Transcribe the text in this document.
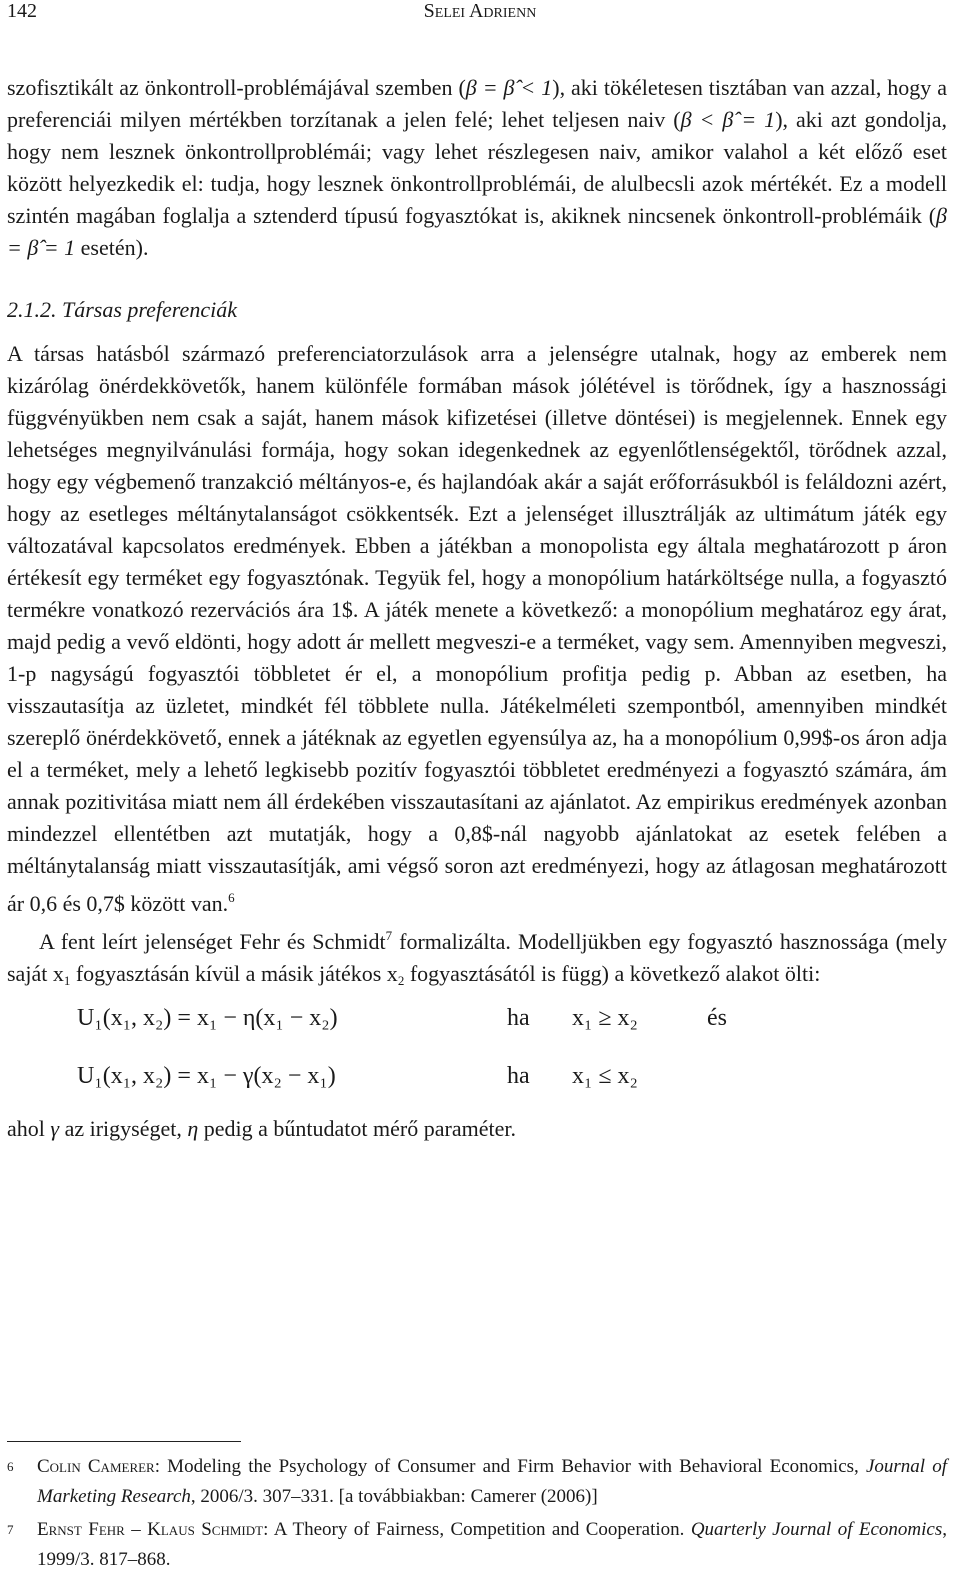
142	Selei Adrienn

szofisztikált az önkontroll-problémájával szemben (β = β̂ < 1), aki tökéletesen tisztában van azzal, hogy a preferenciái milyen mértékben torzítanak a jelen felé; lehet teljesen naiv (β < β̂ = 1), aki azt gondolja, hogy nem lesznek önkontrollproblémái; vagy lehet részlegesen naiv, amikor valahol a két előző eset között helyezkedik el: tudja, hogy lesznek önkontrollproblémái, de alulbecsli azok mértékét. Ez a modell szintén magában foglalja a sztenderd típusú fogyasztókat is, akiknek nincsenek önkontroll-problémáik (β = β̂ = 1 esetén).

2.1.2. Társas preferenciák

A társas hatásból származó preferenciatorzulások arra a jelenségre utalnak, hogy az emberek nem kizárólag önérdekkövetők, hanem különféle formában mások jólétével is törődnek, így a hasznossági függvényükben nem csak a saját, hanem mások kifizetései (illetve döntései) is megjelennek. Ennek egy lehetséges megnyilvánulási formája, hogy sokan idegenkednek az egyenlőtlenségektől, törődnek azzal, hogy egy végbemenő tranzakció méltányos-e, és hajlandóak akár a saját erőforrásukból is feláldozni azért, hogy az esetleges méltánytalanságot csökkentsék. Ezt a jelenséget illusztrálják az ultimátum játék egy változatával kapcsolatos eredmények. Ebben a játékban a monopolista egy általa meghatározott p áron értékesít egy terméket egy fogyasztónak. Tegyük fel, hogy a monopólium határköltsége nulla, a fogyasztó termékre vonatkozó rezervációs ára 1$. A játék menete a következő: a monopólium meghatároz egy árat, majd pedig a vevő eldönti, hogy adott ár mellett megveszi-e a terméket, vagy sem. Amennyiben megveszi, 1-p nagyságú fogyasztói többletet ér el, a monopólium profitja pedig p. Abban az esetben, ha visszautasítja az üzletet, mindkét fél többlete nulla. Játékelméleti szempontból, amennyiben mindkét szereplő önérdekkövető, ennek a játéknak az egyetlen egyensúlya az, ha a monopólium 0,99$-os áron adja el a terméket, mely a lehető legkisebb pozitív fogyasztói többletet eredményezi a fogyasztó számára, ám annak pozitivitása miatt nem áll érdekében visszautasítani az ajánlatot. Az empirikus eredmények azonban mindezzel ellentétben azt mutatják, hogy a 0,8$-nál nagyobb ajánlatokat az esetek felében a méltánytalanság miatt visszautasítják, ami végső soron azt eredményezi, hogy az átlagosan meghatározott ár 0,6 és 0,7$ között van.$^6$

A fent leírt jelenséget Fehr és Schmidt$^7$ formalizálta. Modelljükben egy fogyasztó hasznossága (mely saját $x_1$ fogyasztásán kívül a másik játékos $x_2$ fogyasztásától is függ) a következő alakot ölti:

U₁(x₁, x₂) = x₁ − η(x₁ − x₂)	ha x₁ ≥ x₂	és
U₁(x₁, x₂) = x₁ − γ(x₂ − x₁)	ha x₁ ≤ x₂

ahol γ az irigységet, η pedig a bűntudatot mérő paraméter.

6 Colin Camerer: Modeling the Psychology of Consumer and Firm Behavior with Behavioral Economics, Journal of Marketing Research, 2006/3. 307–331. [a továbbiakban: Camerer (2006)]
7 Ernst Fehr – Klaus Schmidt: A Theory of Fairness, Competition and Cooperation. Quarterly Journal of Economics, 1999/3. 817–868.
